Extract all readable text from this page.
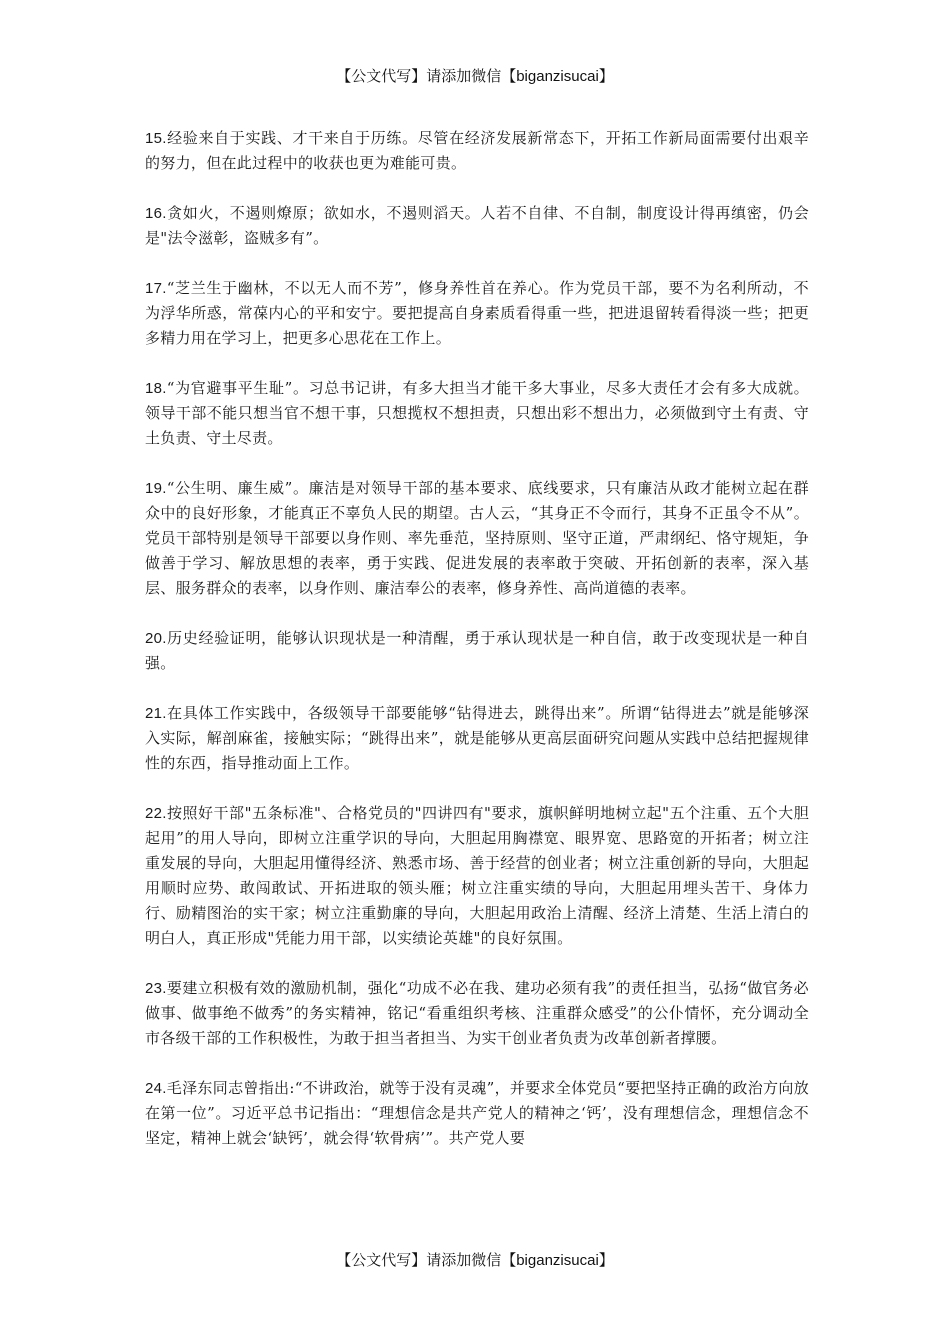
【公文代写】请添加微信【biganzisucai】

15.经验来自于实践、才干来自于历练。尽管在经济发展新常态下，开拓工作新局面需要付出艰辛的努力，但在此过程中的收获也更为难能可贵。

16.贪如火，不遏则燎原；欲如水，不遏则滔天。人若不自律、不自制，制度设计得再缜密，仍会是"法令滋彰，盗贼多有”。

17.“芝兰生于幽林，不以无人而不芳”，修身养性首在养心。作为党员干部，要不为名利所动，不为浮华所惑，常葆内心的平和安宁。要把提高自身素质看得重一些，把进退留转看得淡一些；把更多精力用在学习上，把更多心思花在工作上。

18.“为官避事平生耻”。习总书记讲，有多大担当才能干多大事业，尽多大责任才会有多大成就。领导干部不能只想当官不想干事，只想揽权不想担责，只想出彩不想出力，必须做到守土有责、守土负责、守土尽责。

19.“公生明、廉生威”。廉洁是对领导干部的基本要求、底线要求，只有廉洁从政才能树立起在群众中的良好形象，才能真正不辜负人民的期望。古人云，“其身正不令而行，其身不正虽令不从”。党员干部特别是领导干部要以身作则、率先垂范，坚持原则、坚守正道，严肃纲纪、恪守规矩，争做善于学习、解放思想的表率，勇于实践、促进发展的表率敢于突破、开拓创新的表率，深入基层、服务群众的表率，以身作则、廉洁奉公的表率，修身养性、高尚道德的表率。

20.历史经验证明，能够认识现状是一种清醒，勇于承认现状是一种自信，敢于改变现状是一种自强。

21.在具体工作实践中，各级领导干部要能够“钻得进去，跳得出来”。所谓“钻得进去”就是能够深入实际，解剖麻雀，接触实际；“跳得出来”，就是能够从更高层面研究问题从实践中总结把握规律性的东西，指导推动面上工作。

22.按照好干部"五条标准"、合格党员的"四讲四有"要求，旗帜鲜明地树立起"五个注重、五个大胆起用”的用人导向，即树立注重学识的导向，大胆起用胸襟宽、眼界宽、思路宽的开拓者；树立注重发展的导向，大胆起用懂得经济、熟悉市场、善于经营的创业者；树立注重创新的导向，大胆起用顺时应势、敢闯敢试、开拓进取的领头雁；树立注重实绩的导向，大胆起用埋头苦干、身体力行、励精图治的实干家；树立注重勤廉的导向，大胆起用政治上清醒、经济上清楚、生活上清白的明白人，真正形成"凭能力用干部，以实绩论英雄"的良好氛围。

23.要建立积极有效的激励机制，强化“功成不必在我、建功必须有我”的责任担当，弘扬“做官务必做事、做事绝不做秀”的务实精神，铭记“看重组织考核、注重群众感受”的公仆情怀，充分调动全市各级干部的工作积极性，为敢于担当者担当、为实干创业者负责为改革创新者撑腰。

24.毛泽东同志曾指出:“不讲政治，就等于没有灵魂”，并要求全体党员“要把坚持正确的政治方向放在第一位”。习近平总书记指出：“理想信念是共产党人的精神之‘钙’，没有理想信念，理想信念不坚定，精神上就会‘缺钙’，就会得‘软骨病’”。共产党人要

【公文代写】请添加微信【biganzisucai】
